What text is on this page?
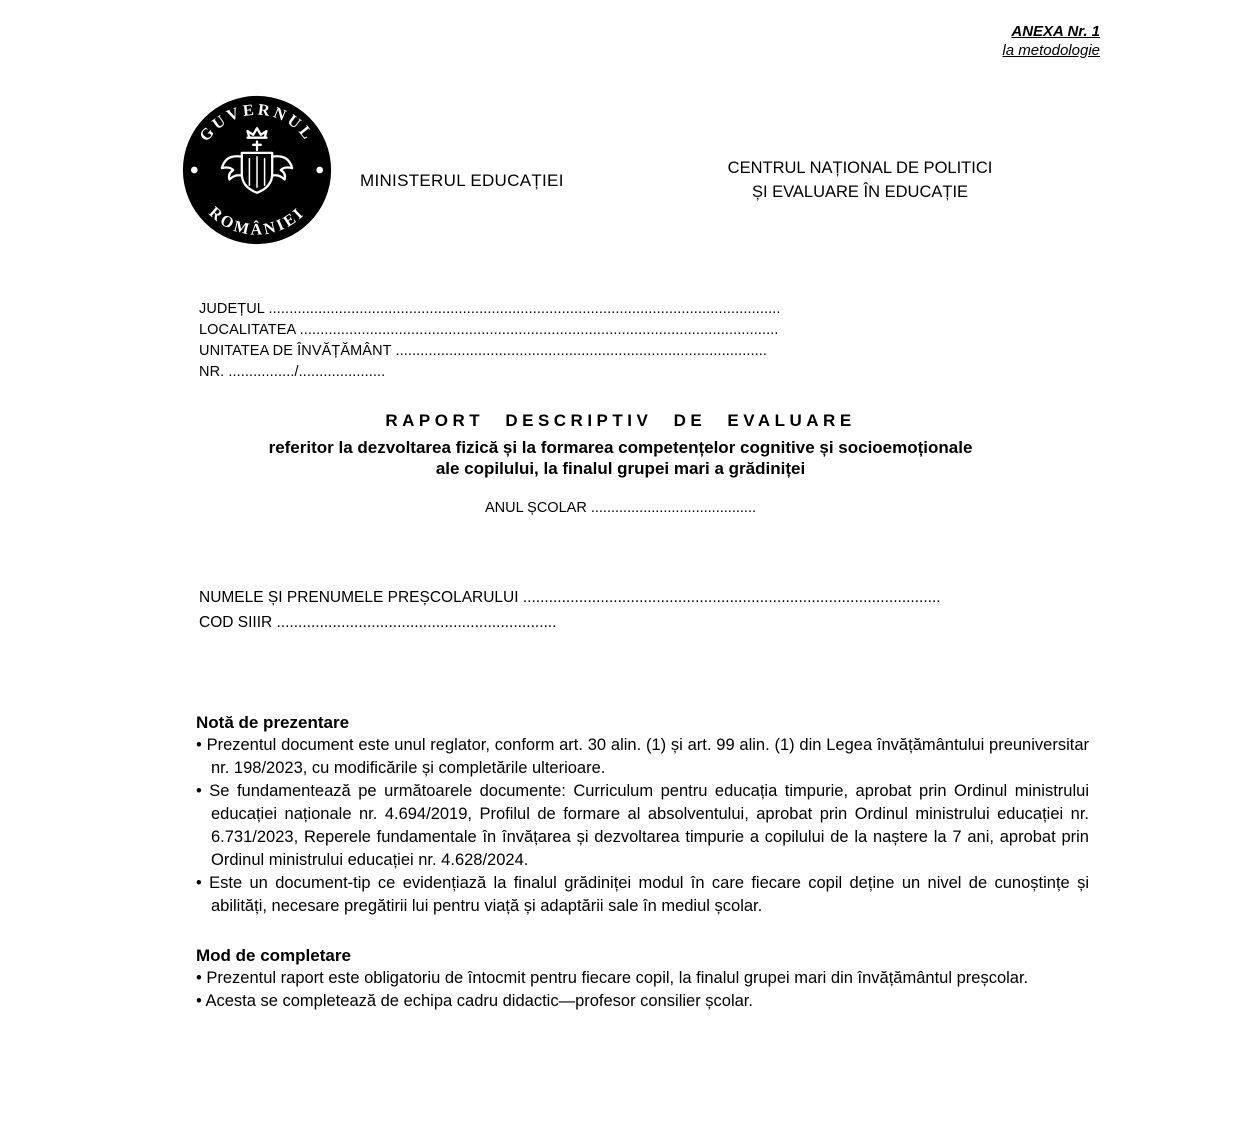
ANEXA Nr. 1
la metodologie
GUVERNUL
ROMÂNIEI
MINISTERUL EDUCAȚIEI
CENTRUL NAȚIONAL DE POLITICI
ȘI EVALUARE ÎN EDUCAȚIE
JUDEȚUL ............................................................................................................................
LOCALITATEA ....................................................................................................................
UNITATEA DE ÎNVĂȚĂMÂNT ..........................................................................................
NR. ................/.....................
RAPORT DESCRIPTIV DE EVALUARE
referitor la dezvoltarea fizică și la formarea competențelor cognitive și socioemoționale
ale copilului, la finalul grupei mari a grădiniței
ANUL ȘCOLAR .........................................
NUMELE ȘI PRENUMELE PREȘCOLARULUI .................................................................................................
COD SIIIR .................................................................
Notă de prezentare
• Prezentul document este unul reglator, conform art. 30 alin. (1) și art. 99 alin. (1) din Legea învățământului preuniversitar nr. 198/2023, cu modificările și completările ulterioare.
• Se fundamentează pe următoarele documente: Curriculum pentru educația timpurie, aprobat prin Ordinul ministrului educației naționale nr. 4.694/2019, Profilul de formare al absolventului, aprobat prin Ordinul ministrului educației nr. 6.731/2023, Reperele fundamentale în învățarea și dezvoltarea timpurie a copilului de la naștere la 7 ani, aprobat prin Ordinul ministrului educației nr. 4.628/2024.
• Este un document-tip ce evidențiază la finalul grădiniței modul în care fiecare copil deține un nivel de cunoștințe și abilități, necesare pregătirii lui pentru viață și adaptării sale în mediul școlar.
Mod de completare
• Prezentul raport este obligatoriu de întocmit pentru fiecare copil, la finalul grupei mari din învățământul preșcolar.
• Acesta se completează de echipa cadru didactic—profesor consilier școlar.
